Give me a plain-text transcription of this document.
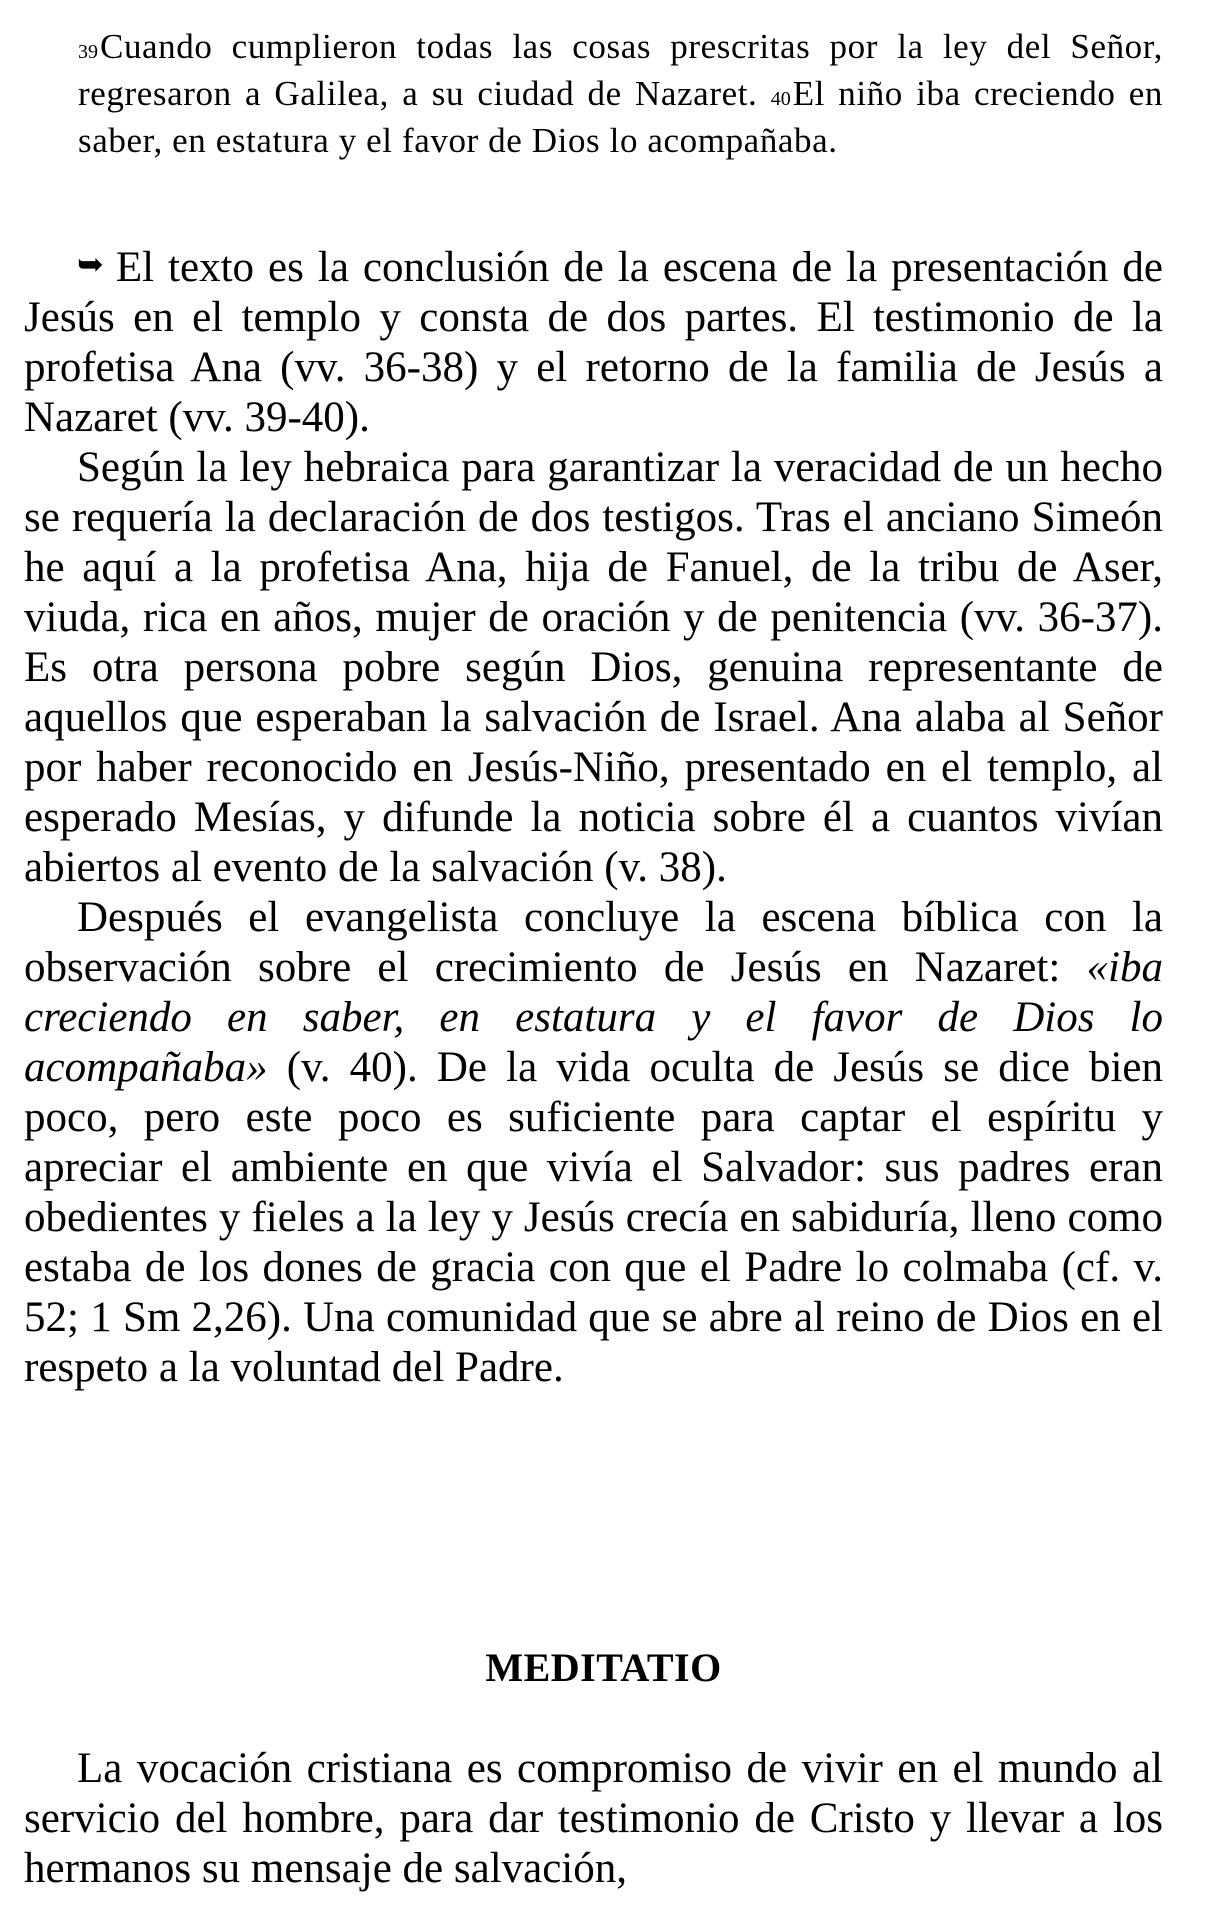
39Cuando cumplieron todas las cosas prescritas por la ley del Señor, regresaron a Galilea, a su ciudad de Nazaret. 40El niño iba creciendo en saber, en estatura y el favor de Dios lo acompañaba.

➥ El texto es la conclusión de la escena de la presentación de Jesús en el templo y consta de dos partes. El testimonio de la profetisa Ana (vv. 36-38) y el retorno de la familia de Jesús a Nazaret (vv. 39-40).

Según la ley hebraica para garantizar la veracidad de un hecho se requería la declaración de dos testigos. Tras el anciano Simeón he aquí a la profetisa Ana, hija de Fanuel, de la tribu de Aser, viuda, rica en años, mujer de oración y de penitencia (vv. 36-37). Es otra persona pobre según Dios, genuina representante de aquellos que esperaban la salvación de Israel. Ana alaba al Señor por haber reconocido en Jesús-Niño, presentado en el templo, al esperado Mesías, y difunde la noticia sobre él a cuantos vivían abiertos al evento de la salvación (v. 38).

Después el evangelista concluye la escena bíblica con la observación sobre el crecimiento de Jesús en Nazaret: «iba creciendo en saber, en estatura y el favor de Dios lo acompañaba» (v. 40). De la vida oculta de Jesús se dice bien poco, pero este poco es suficiente para captar el espíritu y apreciar el ambiente en que vivía el Salvador: sus padres eran obedientes y fieles a la ley y Jesús crecía en sabiduría, lleno como estaba de los dones de gracia con que el Padre lo colmaba (cf. v. 52; 1 Sm 2,26). Una comunidad que se abre al reino de Dios en el respeto a la voluntad del Padre.

MEDITATIO

La vocación cristiana es compromiso de vivir en el mundo al servicio del hombre, para dar testimonio de Cristo y llevar a los hermanos su mensaje de salvación,
